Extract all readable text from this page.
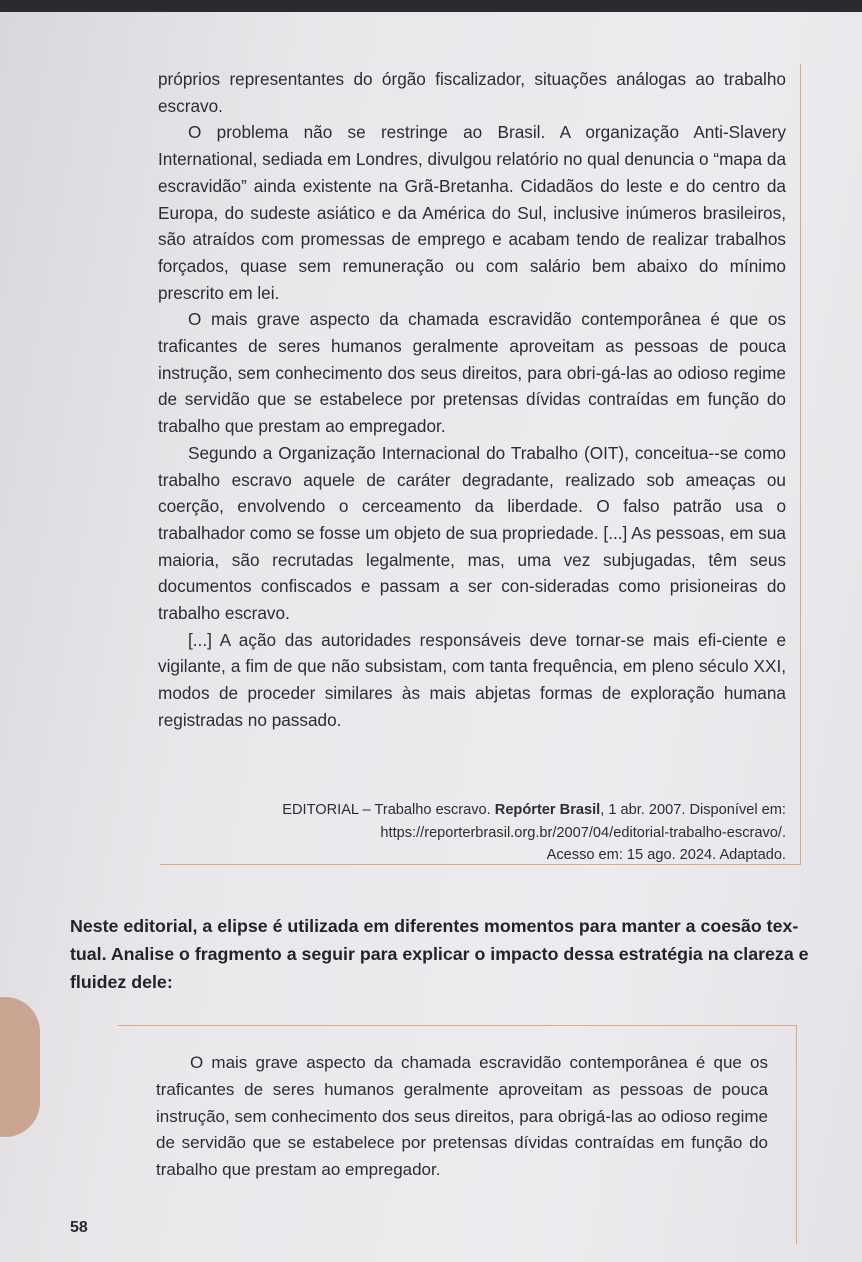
próprios representantes do órgão fiscalizador, situações análogas ao trabalho escravo.

O problema não se restringe ao Brasil. A organização Anti-Slavery International, sediada em Londres, divulgou relatório no qual denuncia o “mapa da escravidão” ainda existente na Grã-Bretanha. Cidadãos do leste e do centro da Europa, do sudeste asiático e da América do Sul, inclusive inúmeros brasileiros, são atraídos com promessas de emprego e acabam tendo de realizar trabalhos forçados, quase sem remuneração ou com salário bem abaixo do mínimo prescrito em lei.

O mais grave aspecto da chamada escravidão contemporânea é que os traficantes de seres humanos geralmente aproveitam as pessoas de pouca instrução, sem conhecimento dos seus direitos, para obri-gá-las ao odioso regime de servidão que se estabelece por pretensas dívidas contraídas em função do trabalho que prestam ao empregador.

Segundo a Organização Internacional do Trabalho (OIT), conceitua--se como trabalho escravo aquele de caráter degradante, realizado sob ameaças ou coerção, envolvendo o cerceamento da liberdade. O falso patrão usa o trabalhador como se fosse um objeto de sua propriedade. [...] As pessoas, em sua maioria, são recrutadas legalmente, mas, uma vez subjugadas, têm seus documentos confiscados e passam a ser con-sideradas como prisioneiras do trabalho escravo.

[...] A ação das autoridades responsáveis deve tornar-se mais efi-ciente e vigilante, a fim de que não subsistam, com tanta frequência, em pleno século XXI, modos de proceder similares às mais abjetas formas de exploração humana registradas no passado.

EDITORIAL – Trabalho escravo. Repórter Brasil, 1 abr. 2007. Disponível em:
https://reporterbrasil.org.br/2007/04/editorial-trabalho-escravo/.
Acesso em: 15 ago. 2024. Adaptado.
Neste editorial, a elipse é utilizada em diferentes momentos para manter a coesão tex-tual. Analise o fragmento a seguir para explicar o impacto dessa estratégia na clareza e fluidez dele:

O mais grave aspecto da chamada escravidão contemporânea é que os traficantes de seres humanos geralmente aproveitam as pessoas de pouca instrução, sem conhecimento dos seus direitos, para obrigá-las ao odioso regime de servidão que se estabelece por pretensas dívidas contraídas em função do trabalho que prestam ao empregador.

58
